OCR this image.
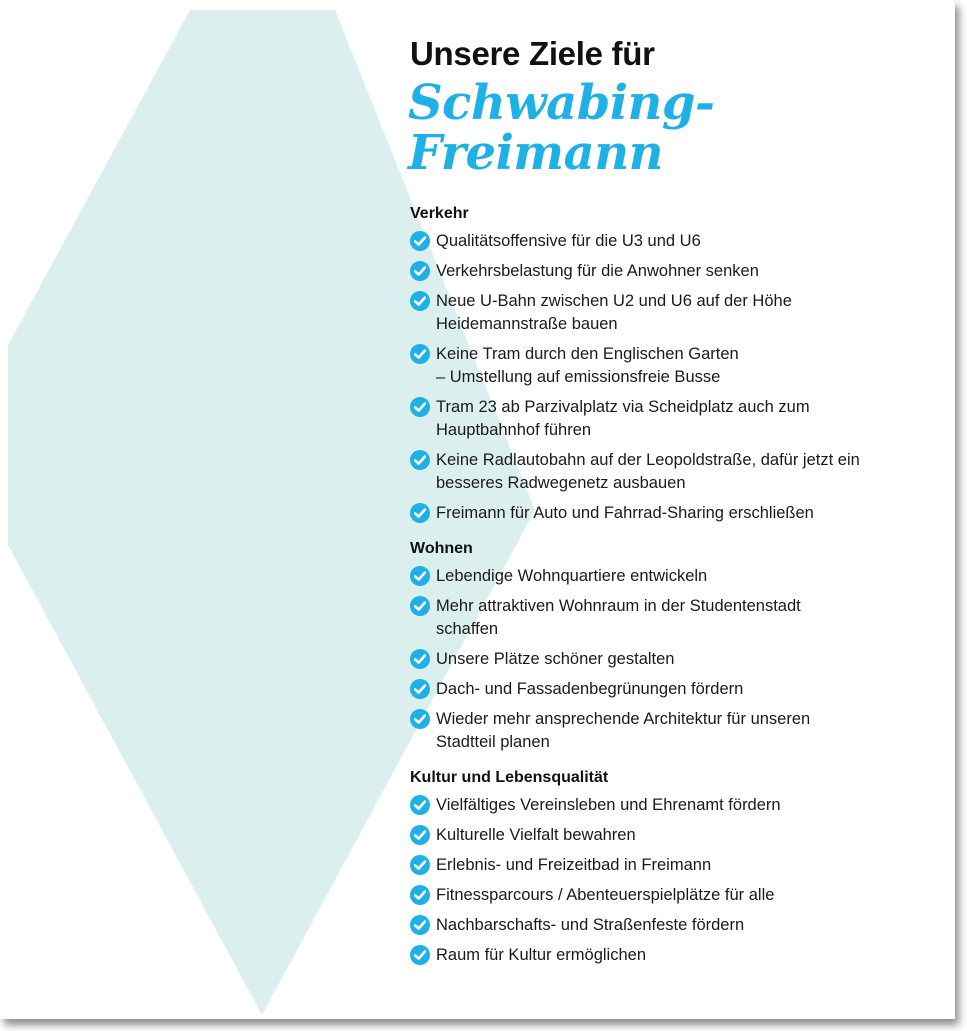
Unsere Ziele für
Schwabing-
Freimann
Verkehr
Qualitätsoffensive für die U3 und U6
Verkehrsbelastung für die Anwohner senken
Neue U-Bahn zwischen U2 und U6 auf der Höhe
Heidemannstraße bauen
Keine Tram durch den Englischen Garten
– Umstellung auf emissionsfreie Busse
Tram 23 ab Parzivalplatz via Scheidplatz auch zum
Hauptbahnhof führen
Keine Radlautobahn auf der Leopoldstraße, dafür jetzt ein
besseres Radwegenetz ausbauen
Freimann für Auto und Fahrrad-Sharing erschließen
Wohnen
Lebendige Wohnquartiere entwickeln
Mehr attraktiven Wohnraum in der Studentenstadt
schaffen
Unsere Plätze schöner gestalten
Dach- und Fassadenbegrünungen fördern
Wieder mehr ansprechende Architektur für unseren
Stadtteil planen
Kultur und Lebensqualität
Vielfältiges Vereinsleben und Ehrenamt fördern
Kulturelle Vielfalt bewahren
Erlebnis- und Freizeitbad in Freimann
Fitnessparcours / Abenteuerspielplätze für alle
Nachbarschafts- und Straßenfeste fördern
Raum für Kultur ermöglichen
